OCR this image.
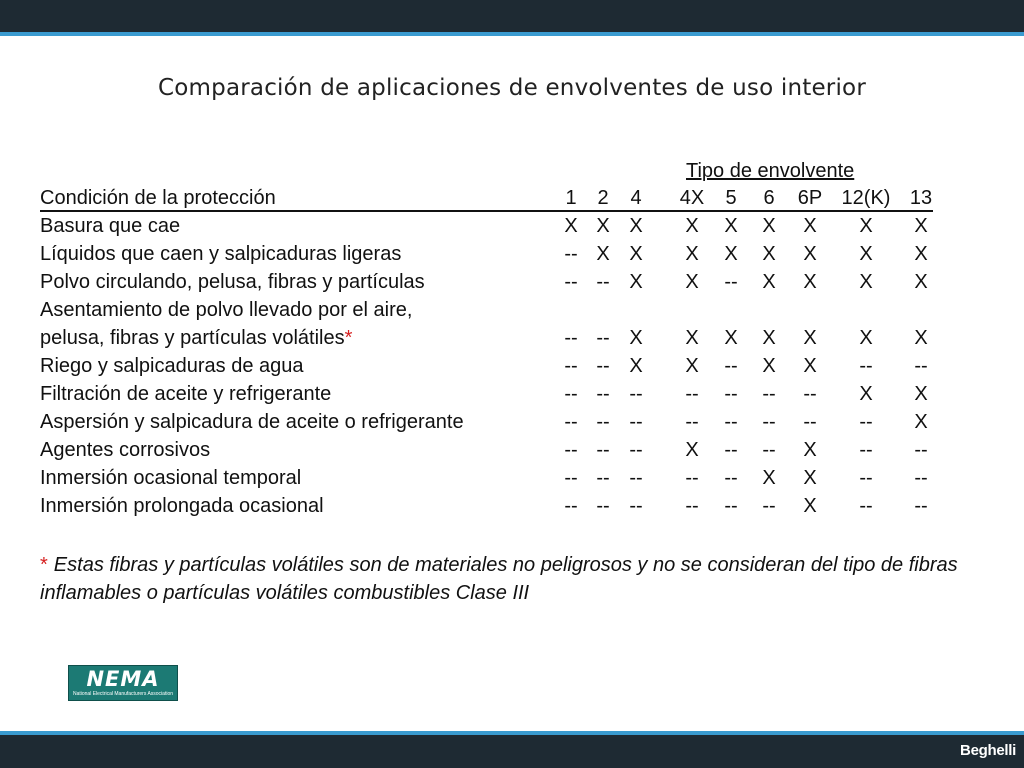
Comparación de aplicaciones de envolventes de uso interior
Tipo de envolvente
Condición de la protección	1	2	4	4X	5	6	6P 12(K) 13
Basura que cae	X X X	X	X	X	X	X	X
Líquidos que caen y salpicaduras ligeras	-- X X	X	X	X	X	X	X
Polvo circulando, pelusa, fibras y partículas	-- -- X	X	--	X	X	X	X
Asentamiento de polvo llevado por el aire,
pelusa, fibras y partículas volátiles*	-- -- X	X	X	X	X	X	X
Riego y salpicaduras de agua	-- -- X	X	--	X	X	--	--
Filtración de aceite y refrigerante	-- -- --	--	--	--	--	X	X
Aspersión y salpicadura de aceite o refrigerante	-- -- --	--	--	--	--	--	X
Agentes corrosivos	-- -- --	X	--	--	X	--	--
Inmersión ocasional temporal	-- -- --	--	--	X	X	--	--
Inmersión prolongada ocasional	-- -- --	--	--	--	X	--	--
* Estas fibras y partículas volátiles son de materiales no peligrosos y no se consideran del tipo de fibras inflamables o partículas volátiles combustibles Clase III
NEMA
National Electrical Manufacturers Association
Beghelli
